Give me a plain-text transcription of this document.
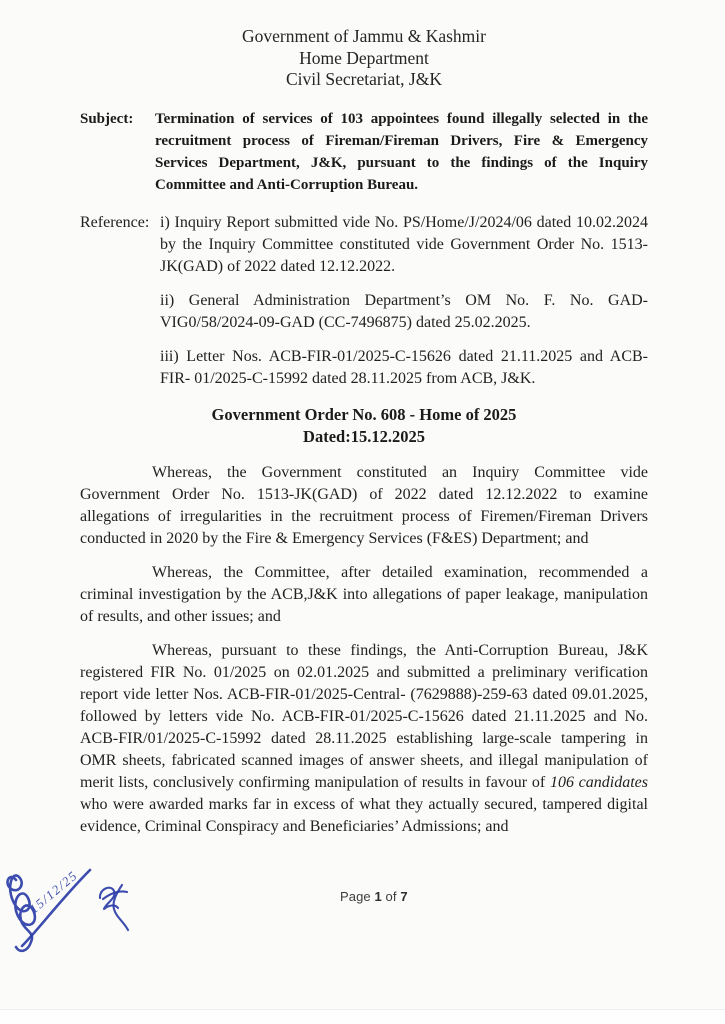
Government of Jammu & Kashmir
Home Department
Civil Secretariat, J&K
Subject:	Termination of services of 103 appointees found illegally selected in the recruitment process of Fireman/Fireman Drivers, Fire & Emergency Services Department, J&K, pursuant to the findings of the Inquiry Committee and Anti-Corruption Bureau.
Reference: i) Inquiry Report submitted vide No. PS/Home/J/2024/06 dated 10.02.2024 by the Inquiry Committee constituted vide Government Order No. 1513- JK(GAD) of 2022 dated 12.12.2022.
ii) General Administration Department’s OM No. F. No. GAD-VIG0/58/2024-09-GAD (CC-7496875) dated 25.02.2025.
iii) Letter Nos. ACB-FIR-01/2025-C-15626 dated 21.11.2025 and ACB-FIR- 01/2025-C-15992 dated 28.11.2025 from ACB, J&K.
Government Order No. 608 - Home of 2025
Dated:15.12.2025

Whereas, the Government constituted an Inquiry Committee vide Government Order No. 1513-JK(GAD) of 2022 dated 12.12.2022 to examine allegations of irregularities in the recruitment process of Firemen/Fireman Drivers conducted in 2020 by the Fire & Emergency Services (F&ES) Department; and

Whereas, the Committee, after detailed examination, recommended a criminal investigation by the ACB,J&K into allegations of paper leakage, manipulation of results, and other issues; and

Whereas, pursuant to these findings, the Anti-Corruption Bureau, J&K registered FIR No. 01/2025 on 02.01.2025 and submitted a preliminary verification report vide letter Nos. ACB-FIR-01/2025-Central- (7629888)-259-63 dated 09.01.2025, followed by letters vide No. ACB-FIR-01/2025-C-15626 dated 21.11.2025 and No. ACB-FIR/01/2025-C-15992 dated 28.11.2025 establishing large-scale tampering in OMR sheets, fabricated scanned images of answer sheets, and illegal manipulation of merit lists, conclusively confirming manipulation of results in favour of 106 candidates who were awarded marks far in excess of what they actually secured, tampered digital evidence, Criminal Conspiracy and Beneficiaries’ Admissions; and

Page 1 of 7
15/12/25
